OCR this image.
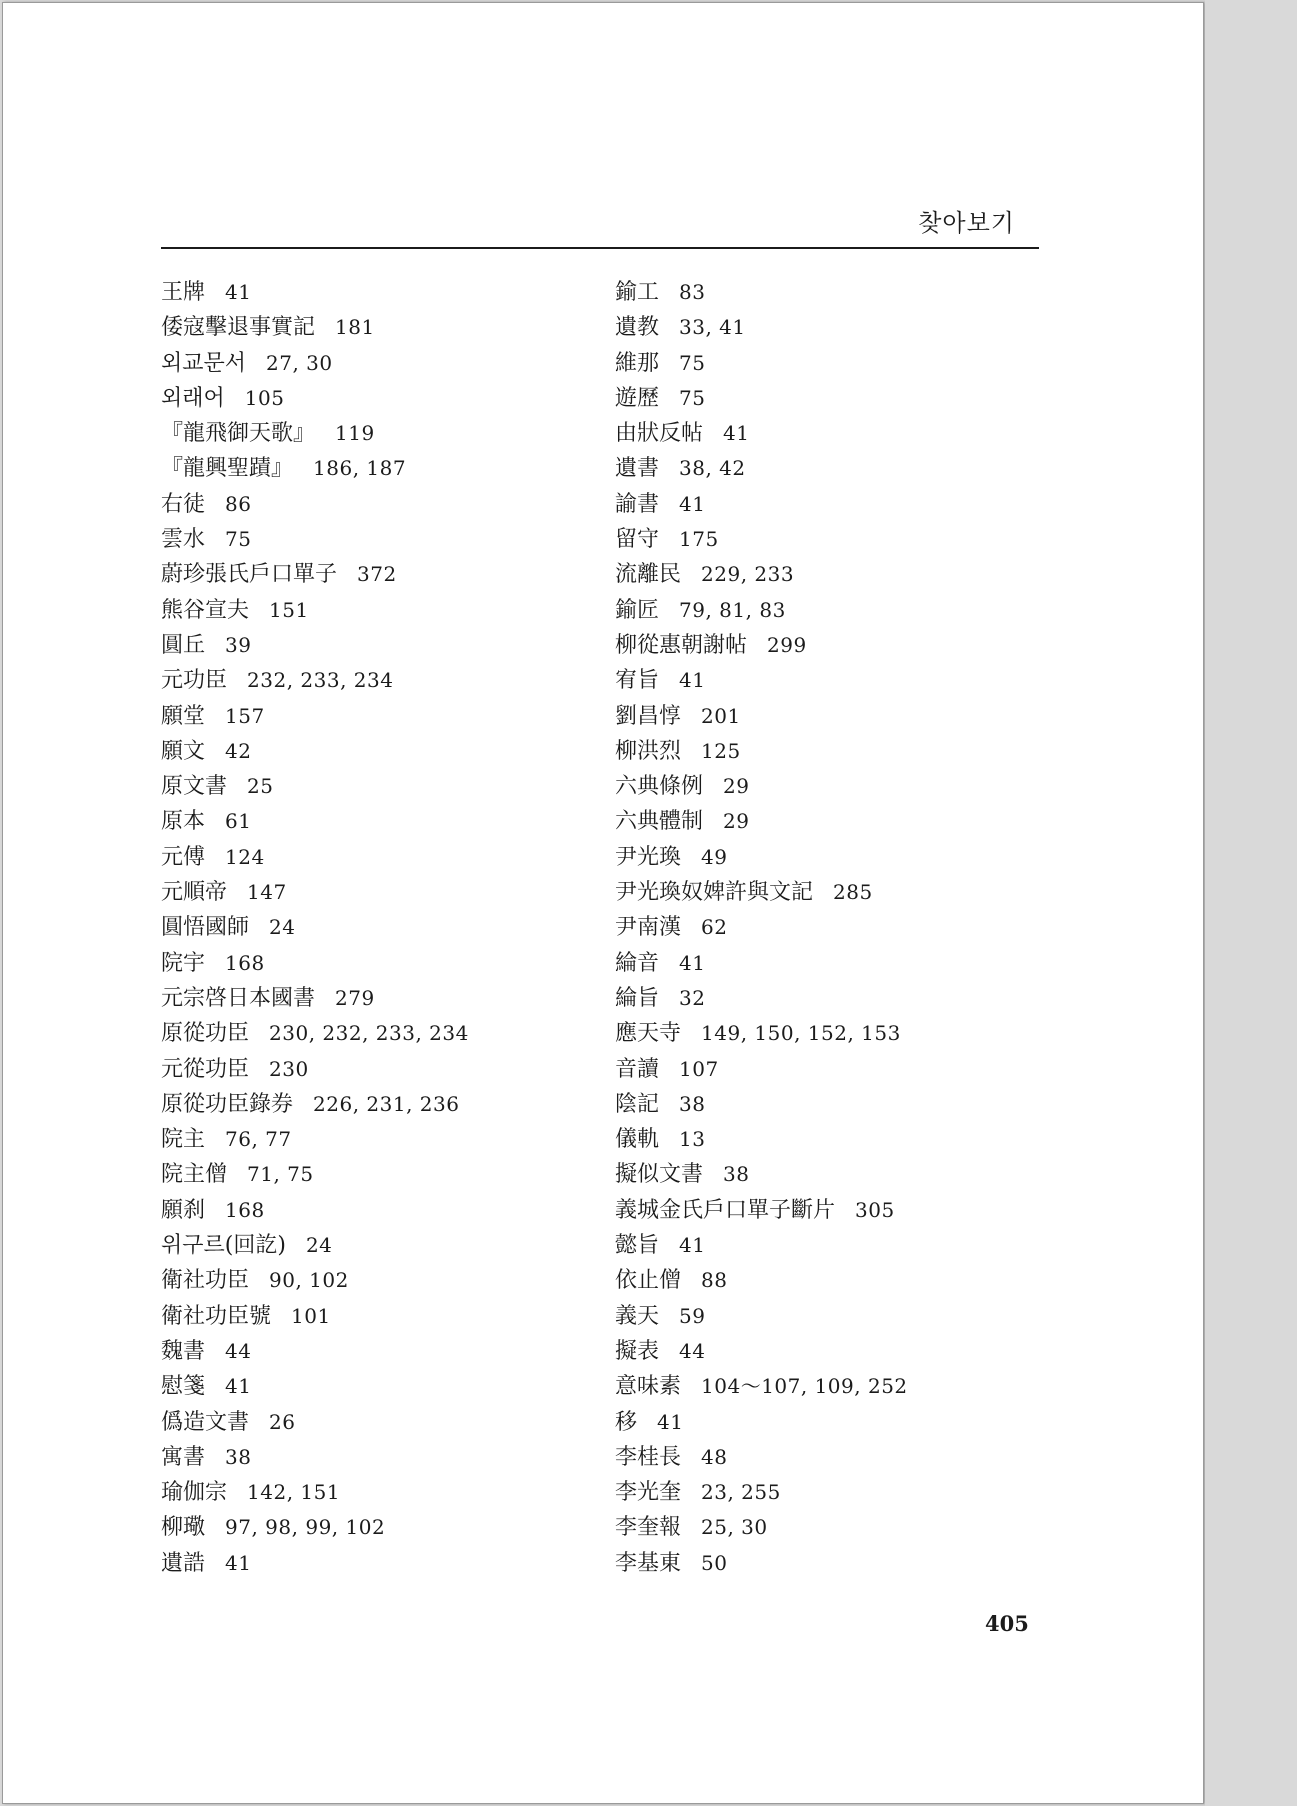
찾아보기
王牌 41
倭寇擊退事實記 181
외교문서 27, 30
외래어 105
『龍飛御天歌』 119
『龍興聖蹟』 186, 187
右徒 86
雲水 75
蔚珍張氏戶口單子 372
熊谷宣夫 151
圓丘 39
元功臣 232, 233, 234
願堂 157
願文 42
原文書 25
原本 61
元傅 124
元順帝 147
圓悟國師 24
院宇 168
元宗啓日本國書 279
原從功臣 230, 232, 233, 234
元從功臣 230
原從功臣錄券 226, 231, 236
院主 76, 77
院主僧 71, 75
願刹 168
위구르(回訖) 24
衛社功臣 90, 102
衛社功臣號 101
魏書 44
慰箋 41
僞造文書 26
寓書 38
瑜伽宗 142, 151
柳璥 97, 98, 99, 102
遺誥 41
鍮工 83
遺教 33, 41
維那 75
遊歷 75
由狀反帖 41
遺書 38, 42
諭書 41
留守 175
流離民 229, 233
鍮匠 79, 81, 83
柳從惠朝謝帖 299
宥旨 41
劉昌惇 201
柳洪烈 125
六典條例 29
六典體制 29
尹光瑍 49
尹光瑍奴婢許與文記 285
尹南漢 62
綸音 41
綸旨 32
應天寺 149, 150, 152, 153
音讀 107
陰記 38
儀軌 13
擬似文書 38
義城金氏戶口單子斷片 305
懿旨 41
依止僧 88
義天 59
擬表 44
意味素 104～107, 109, 252
移 41
李桂長 48
李光奎 23, 255
李奎報 25, 30
李基東 50
405
